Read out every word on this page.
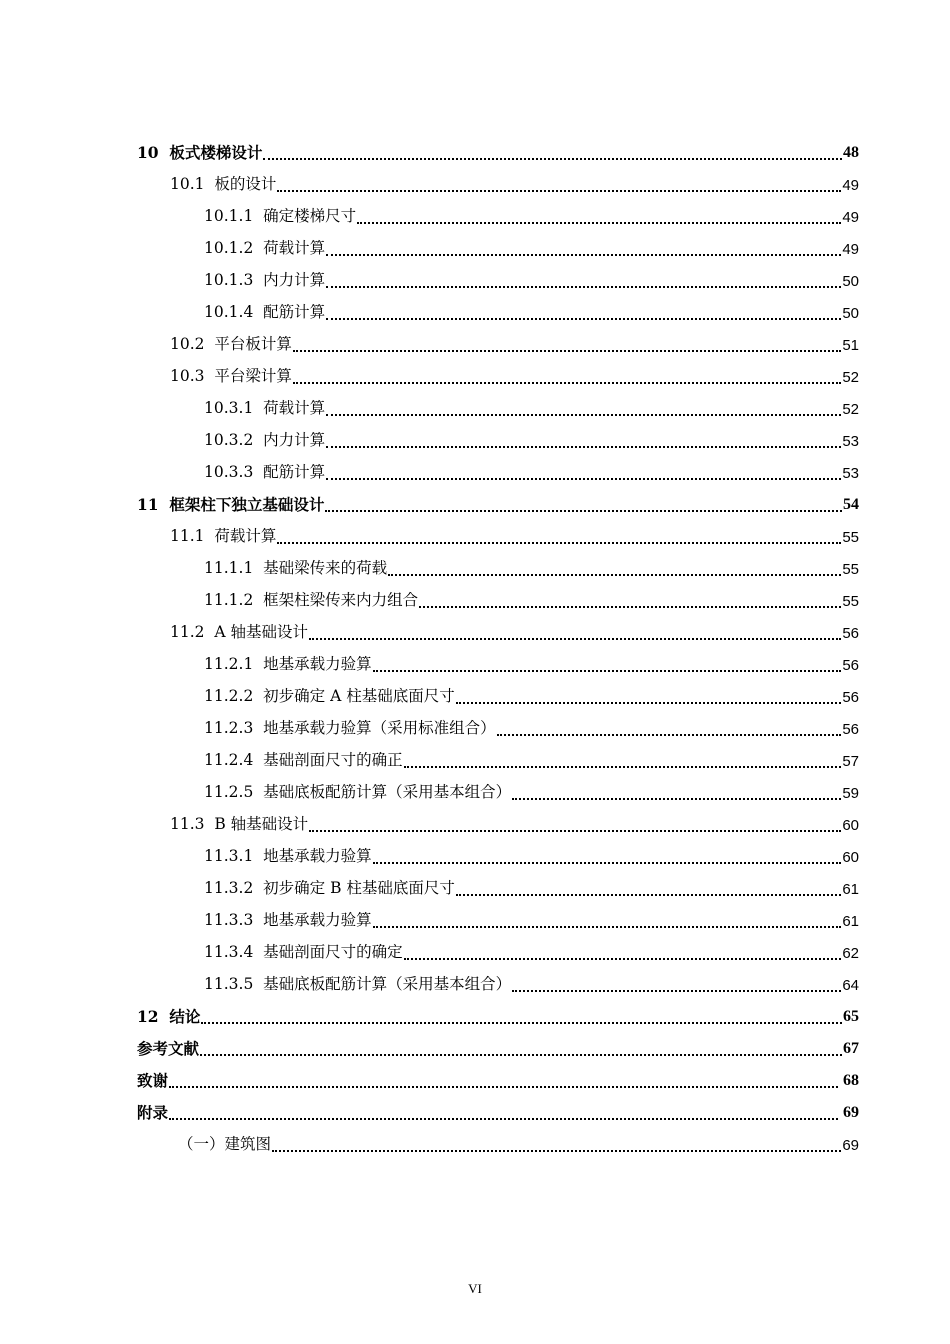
10  板式楼梯设计	48
10.1  板的设计	49
10.1.1  确定楼梯尺寸	49
10.1.2  荷载计算	49
10.1.3  内力计算	50
10.1.4  配筋计算	50
10.2  平台板计算	51
10.3  平台梁计算	52
10.3.1  荷载计算	52
10.3.2  内力计算	53
10.3.3  配筋计算	53
11  框架柱下独立基础设计	54
11.1  荷载计算	55
11.1.1  基础梁传来的荷载	55
11.1.2  框架柱梁传来内力组合	55
11.2  A 轴基础设计	56
11.2.1  地基承载力验算	56
11.2.2  初步确定 A 柱基础底面尺寸	56
11.2.3  地基承载力验算（采用标准组合）	56
11.2.4  基础剖面尺寸的确正	57
11.2.5  基础底板配筋计算（采用基本组合）	59
11.3  B 轴基础设计	60
11.3.1  地基承载力验算	60
11.3.2  初步确定 B 柱基础底面尺寸	61
11.3.3  地基承载力验算	61
11.3.4  基础剖面尺寸的确定	62
11.3.5  基础底板配筋计算（采用基本组合）	64
12  结论	65
参考文献	67
致谢	68
附录	69
（一）建筑图	69
VI
